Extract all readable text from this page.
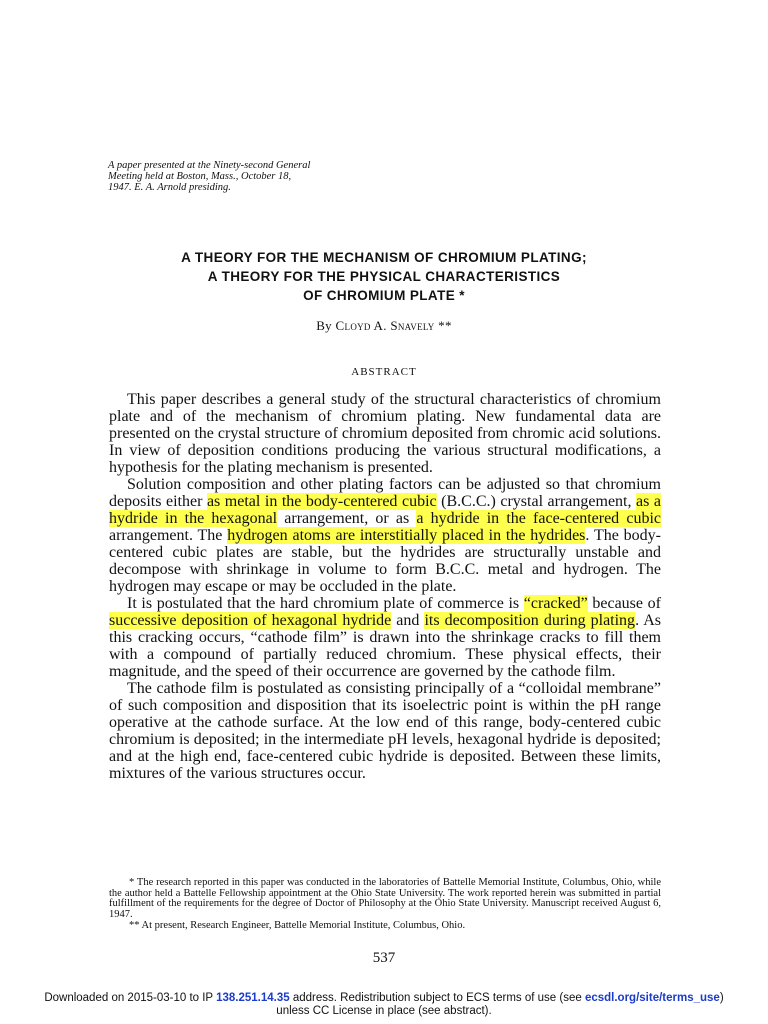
A paper presented at the Ninety-second General
Meeting held at Boston, Mass., October 18,
1947. E. A. Arnold presiding.
A THEORY FOR THE MECHANISM OF CHROMIUM PLATING;
A THEORY FOR THE PHYSICAL CHARACTERISTICS
OF CHROMIUM PLATE *
By Cloyd A. Snavely **
ABSTRACT

This paper describes a general study of the structural characteristics of chromium plate and of the mechanism of chromium plating. New fundamental data are presented on the crystal structure of chromium deposited from chromic acid solutions. In view of deposition conditions producing the various structural modifications, a hypothesis for the plating mechanism is presented.

Solution composition and other plating factors can be adjusted so that chromium deposits either as metal in the body-centered cubic (B.C.C.) crystal arrangement, as a hydride in the hexagonal arrangement, or as a hydride in the face-centered cubic arrangement. The hydrogen atoms are interstitially placed in the hydrides. The body-centered cubic plates are stable, but the hydrides are structurally unstable and decompose with shrinkage in volume to form B.C.C. metal and hydrogen. The hydrogen may escape or may be occluded in the plate.

It is postulated that the hard chromium plate of commerce is “cracked” because of successive deposition of hexagonal hydride and its decomposition during plating. As this cracking occurs, “cathode film” is drawn into the shrinkage cracks to fill them with a compound of partially reduced chromium. These physical effects, their magnitude, and the speed of their occurrence are governed by the cathode film.

The cathode film is postulated as consisting principally of a “colloidal membrane” of such composition and disposition that its isoelectric point is within the pH range operative at the cathode surface. At the low end of this range, body-centered cubic chromium is deposited; in the intermediate pH levels, hexagonal hydride is deposited; and at the high end, face-centered cubic hydride is deposited. Between these limits, mixtures of the various structures occur.

* The research reported in this paper was conducted in the laboratories of Battelle Memorial Institute, Columbus, Ohio, while the author held a Battelle Fellowship appointment at the Ohio State University. The work reported herein was submitted in partial fulfillment of the requirements for the degree of Doctor of Philosophy at the Ohio State University. Manuscript received August 6, 1947.

** At present, Research Engineer, Battelle Memorial Institute, Columbus, Ohio.

537
Downloaded on 2015-03-10 to IP 138.251.14.35 address. Redistribution subject to ECS terms of use (see ecsdl.org/site/terms_use)
unless CC License in place (see abstract).
